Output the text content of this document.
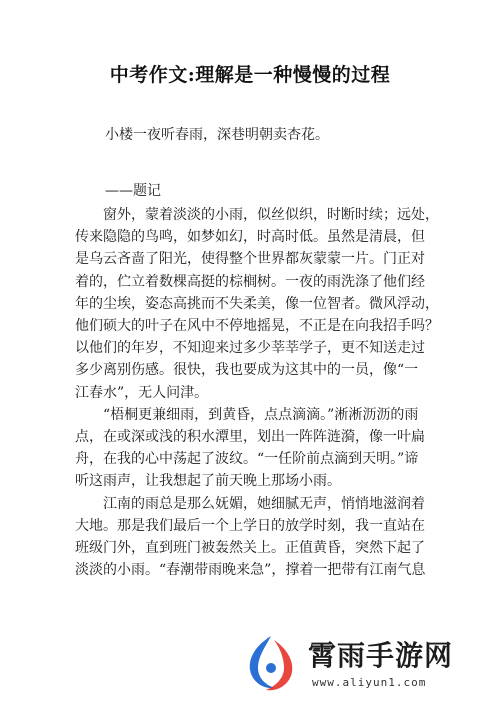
中考作文:理解是一种慢慢的过程
小楼一夜听春雨，深巷明朝卖杏花。
——题记
窗外，蒙着淡淡的小雨，似丝似织，时断时续；远处，
传来隐隐的鸟鸣，如梦如幻，时高时低。虽然是清晨，但
是乌云吝啬了阳光，使得整个世界都灰蒙蒙一片。门正对
着的，伫立着数棵高挺的棕榈树。一夜的雨洗涤了他们经
年的尘埃，姿态高挑而不失柔美，像一位智者。微风浮动，
他们硕大的叶子在风中不停地摇晃，不正是在向我招手吗？
以他们的年岁，不知迎来过多少莘莘学子，更不知送走过
多少离别伤感。很快，我也要成为这其中的一员，像“一
江春水”，无人问津。
“梧桐更兼细雨，到黄昏，点点滴滴。”淅淅沥沥的雨
点，在或深或浅的积水潭里，划出一阵阵涟漪，像一叶扁
舟，在我的心中荡起了波纹。“一任阶前点滴到天明。”谛
听这雨声，让我想起了前天晚上那场小雨。
江南的雨总是那么妩媚，她细腻无声，悄悄地滋润着
大地。那是我们最后一个上学日的放学时刻，我一直站在
班级门外，直到班门被轰然关上。正值黄昏，突然下起了
淡淡的小雨。“春潮带雨晚来急”，撑着一把带有江南气息
霄雨手游网
www.aliyun1.com
